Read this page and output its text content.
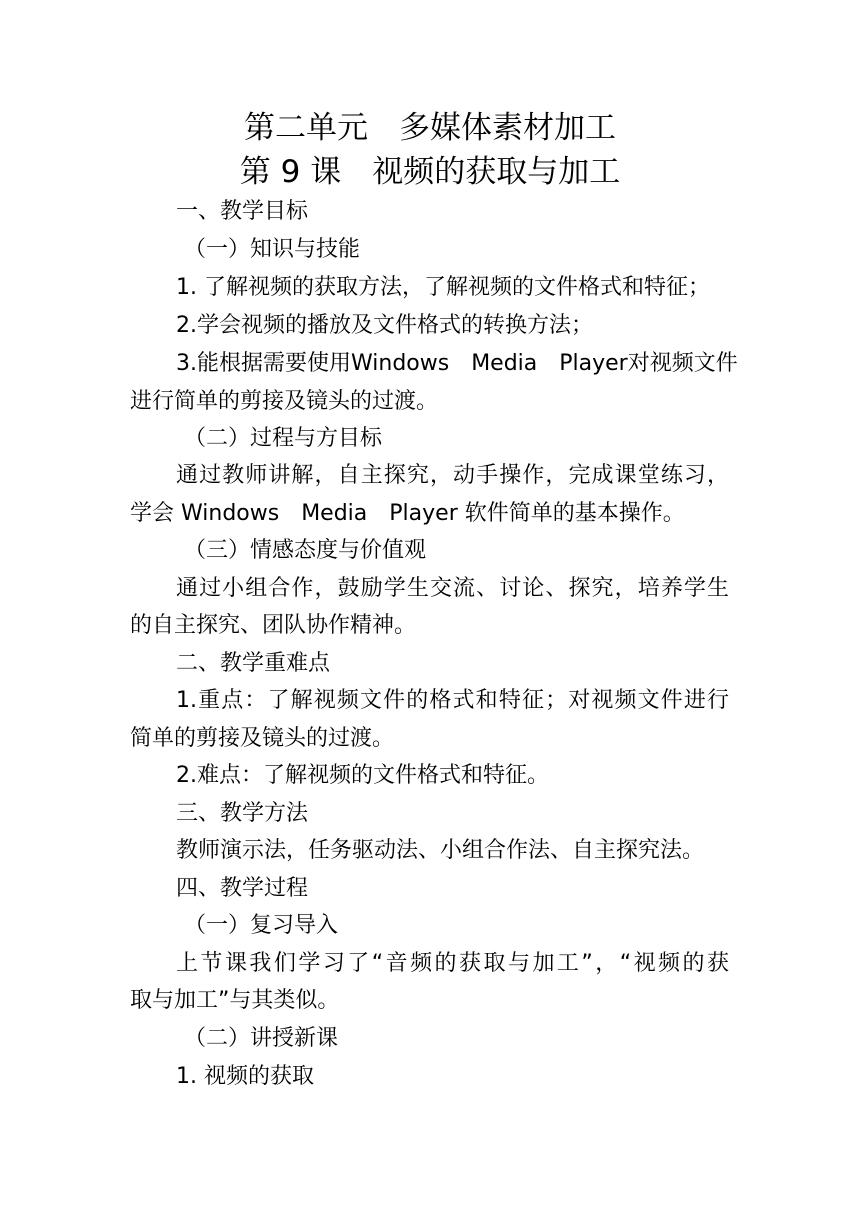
第二单元　多媒体素材加工
第 9 课　视频的获取与加工
一、教学目标
（一）知识与技能
1. 了解视频的获取方法，了解视频的文件格式和特征；
2.学会视频的播放及文件格式的转换方法；
3.能根据需要使用Windows　Media　Player对视频文件
进行简单的剪接及镜头的过渡。
（二）过程与方目标
通过教师讲解，自主探究，动手操作，完成课堂练习，
学会 Windows　Media　Player 软件简单的基本操作。
（三）情感态度与价值观
通过小组合作，鼓励学生交流、讨论、探究，培养学生
的自主探究、团队协作精神。
二、教学重难点
1.重点：了解视频文件的格式和特征；对视频文件进行
简单的剪接及镜头的过渡。
2.难点：了解视频的文件格式和特征。
三、教学方法
教师演示法，任务驱动法、小组合作法、自主探究法。
四、教学过程
（一）复习导入
上节课我们学习了“音频的获取与加工”，“视频的获
取与加工”与其类似。
（二）讲授新课
1. 视频的获取
